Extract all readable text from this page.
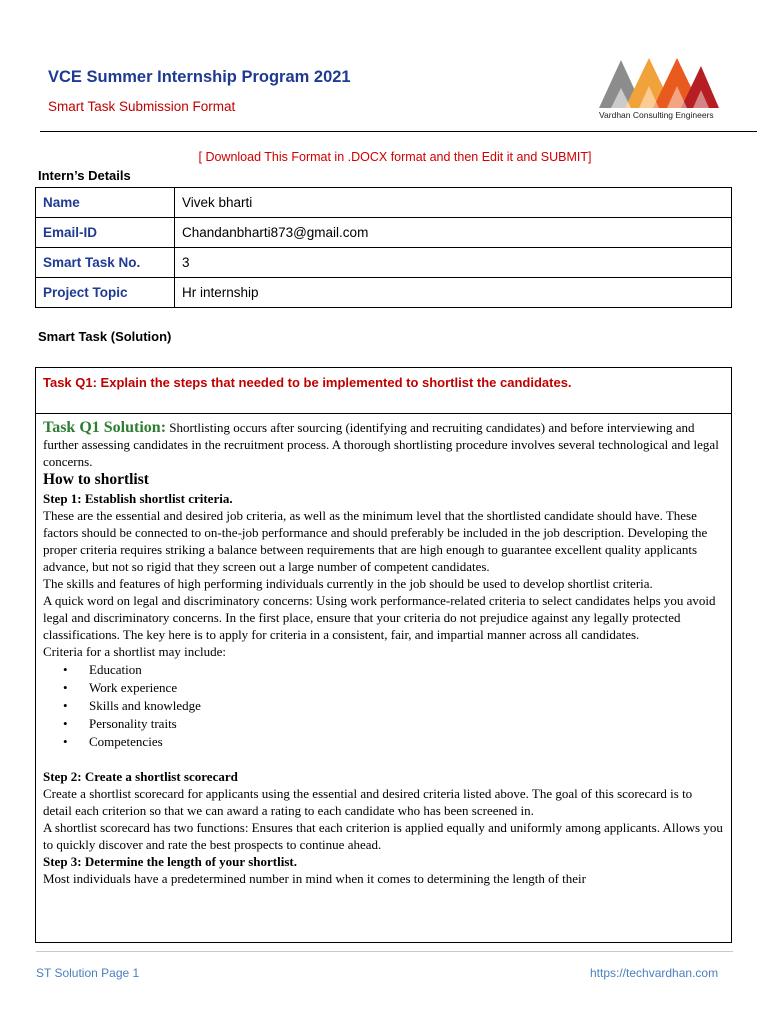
VCE Summer Internship Program 2021
Smart Task Submission Format
Vardhan Consulting Engineers
[ Download This Format in .DOCX format and then Edit it and SUBMIT]
Intern’s Details
Name	Vivek bharti
Email-ID	Chandanbharti873@gmail.com
Smart Task No.	3
Project Topic	Hr internship
Smart Task (Solution)
Task Q1: Explain the steps that needed to be implemented to shortlist the candidates.

Task Q1 Solution: Shortlisting occurs after sourcing (identifying and recruiting candidates) and before interviewing and further assessing candidates in the recruitment process. A thorough shortlisting procedure involves several technological and legal concerns.

How to shortlist

Step 1: Establish shortlist criteria.

These are the essential and desired job criteria, as well as the minimum level that the shortlisted candidate should have. These factors should be connected to on-the-job performance and should preferably be included in the job description. Developing the proper criteria requires striking a balance between requirements that are high enough to guarantee excellent quality applicants advance, but not so rigid that they screen out a large number of competent candidates.

The skills and features of high performing individuals currently in the job should be used to develop shortlist criteria.

A quick word on legal and discriminatory concerns: Using work performance-related criteria to select candidates helps you avoid legal and discriminatory concerns. In the first place, ensure that your criteria do not prejudice against any legally protected classifications. The key here is to apply for criteria in a consistent, fair, and impartial manner across all candidates.

Criteria for a shortlist may include:

• Education
• Work experience
• Skills and knowledge
• Personality traits
• Competencies

Step 2: Create a shortlist scorecard

Create a shortlist scorecard for applicants using the essential and desired criteria listed above. The goal of this scorecard is to detail each criterion so that we can award a rating to each candidate who has been screened in.

A shortlist scorecard has two functions: Ensures that each criterion is applied equally and uniformly among applicants. Allows you to quickly discover and rate the best prospects to continue ahead.

Step 3: Determine the length of your shortlist.

Most individuals have a predetermined number in mind when it comes to determining the length of their

ST Solution Page 1	https://techvardhan.com
